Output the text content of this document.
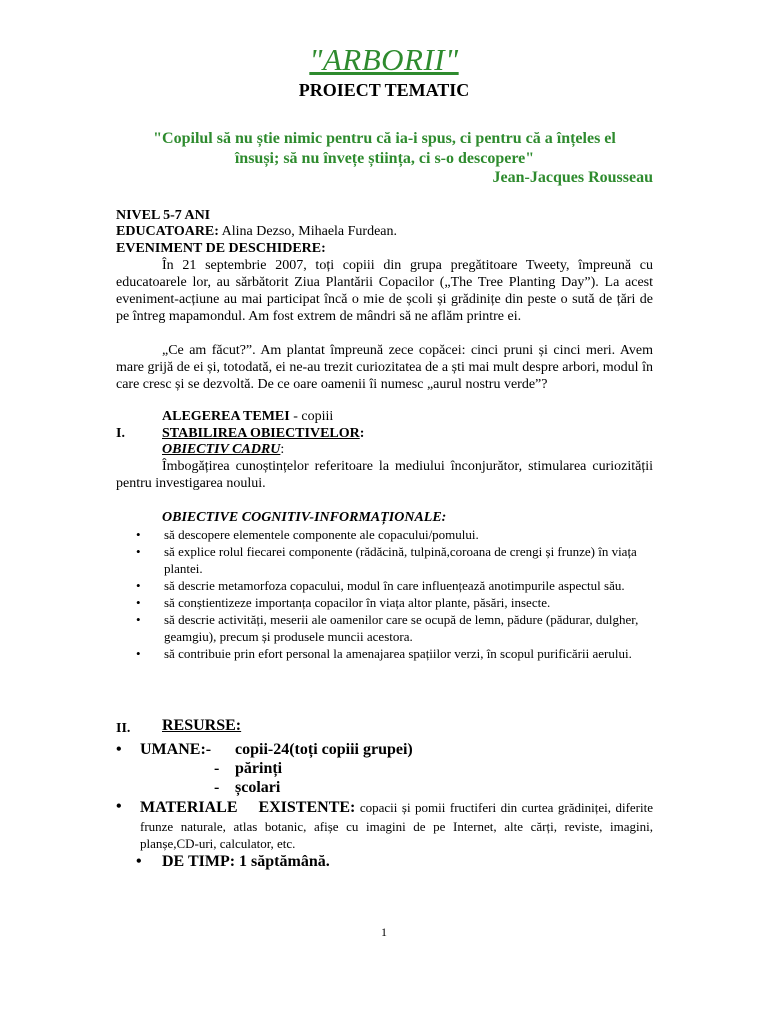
"ARBORII"
PROIECT TEMATIC
"Copilul să nu știe nimic pentru că ia-i spus, ci pentru că a înțeles el
însuși; să nu învețe știința, ci s-o descopere"
Jean-Jacques Rousseau
NIVEL 5-7 ANI
EDUCATOARE: Alina Dezso, Mihaela Furdean.
EVENIMENT DE DESCHIDERE:
În 21 septembrie 2007, toți copiii din grupa pregătitoare Tweety, împreună cu educatoarele lor, au sărbătorit Ziua Plantării Copacilor („The Tree Planting Day”). La acest eveniment-acțiune au mai participat încă o mie de școli și grădinițe din peste o sută de țări de pe întreg mapamondul. Am fost extrem de mândri să ne aflăm printre ei.
„Ce am făcut?”. Am plantat împreună zece copăcei: cinci pruni și cinci meri. Avem mare grijă de ei și, totodată, ei ne-au trezit curiozitatea de a ști mai mult despre arbori, modul în care cresc și se dezvoltă. De ce oare oamenii îi numesc „aurul nostru verde”?
ALEGEREA TEMEI - copiii
I.	STABILIREA OBIECTIVELOR:
OBIECTIV CADRU:
Îmbogățirea cunoștințelor referitoare la mediului înconjurător, stimularea curiozității pentru investigarea noului.
OBIECTIVE COGNITIV-INFORMAȚIONALE:
• să descopere elementele componente ale copacului/pomului.
• să explice rolul fiecarei componente (rădăcină, tulpină,coroana de crengi și frunze) în viața plantei.
• să descrie metamorfoza copacului, modul în care influențează anotimpurile aspectul său.
• să conștientizeze importanța copacilor în viața altor plante, păsări, insecte.
• să descrie activități, meserii ale oamenilor care se ocupă de lemn, pădure (pădurar, dulgher, geamgiu), precum și produsele muncii acestora.
• să contribuie prin efort personal la amenajarea spațiilor verzi, în scopul purificării aerului.
II. RESURSE:
• UMANE:- copii-24(toți copiii grupei)
- părinți
- școlari
• MATERIALE    EXISTENTE: copacii și pomii fructiferi din curtea grădiniței, diferite frunze naturale, atlas botanic, afișe cu imagini de pe Internet, alte cărți, reviste, imagini, planșe,CD-uri, calculator, etc.
• DE TIMP: 1 săptămână.
1
